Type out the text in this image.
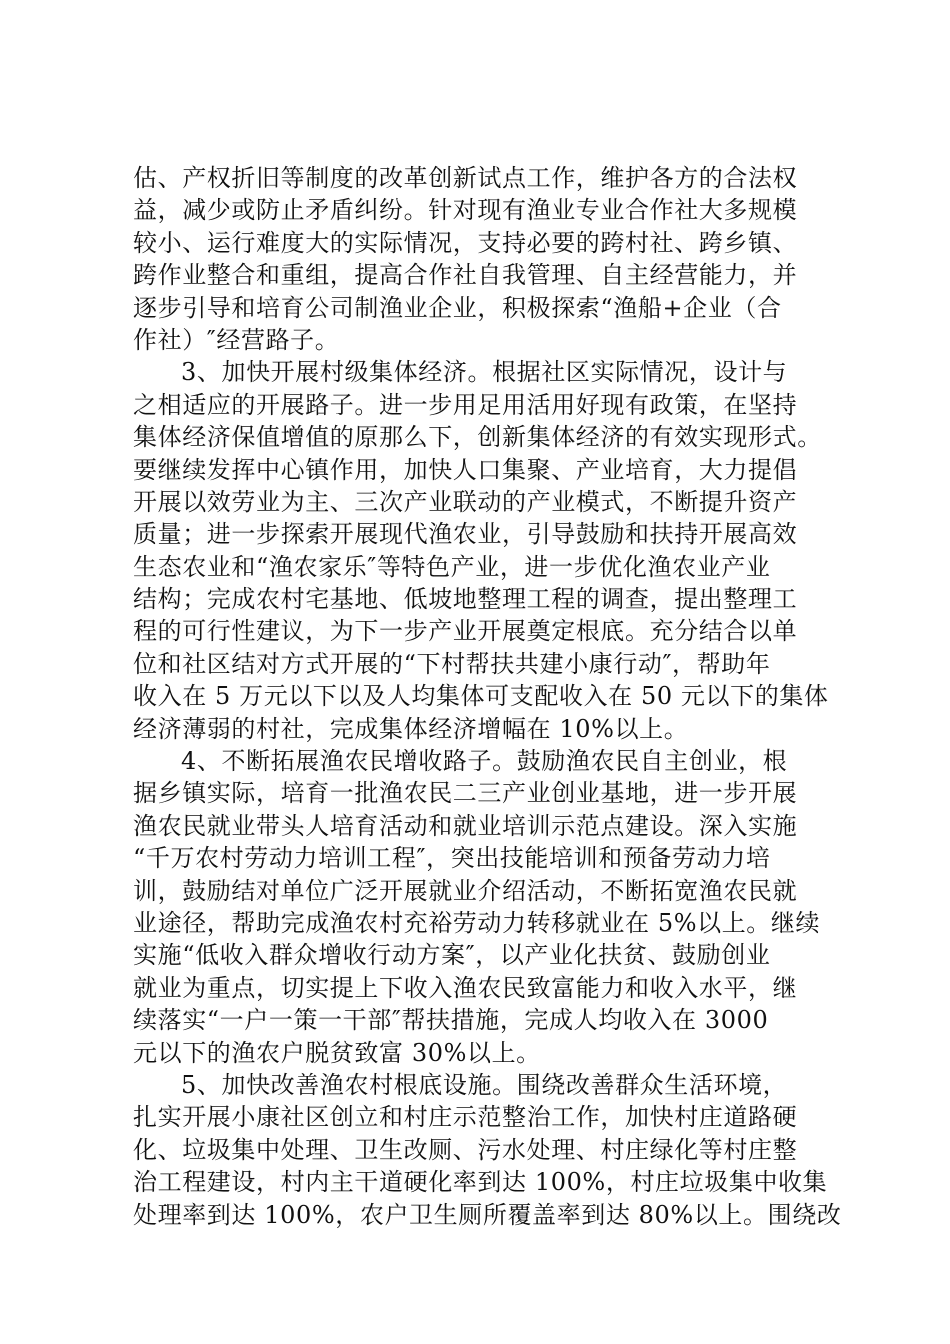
估、产权折旧等制度的改革创新试点工作，维护各方的合法权
益，减少或防止矛盾纠纷。针对现有渔业专业合作社大多规模
较小、运行难度大的实际情况，支持必要的跨村社、跨乡镇、
跨作业整合和重组，提高合作社自我管理、自主经营能力，并
逐步引导和培育公司制渔业企业，积极探索“渔船+企业（合
作社）″经营路子。
3、加快开展村级集体经济。根据社区实际情况，设计与
之相适应的开展路子。进一步用足用活用好现有政策，在坚持
集体经济保值增值的原那么下，创新集体经济的有效实现形式。
要继续发挥中心镇作用，加快人口集聚、产业培育，大力提倡
开展以效劳业为主、三次产业联动的产业模式，不断提升资产
质量；进一步探索开展现代渔农业，引导鼓励和扶持开展高效
生态农业和“渔农家乐″等特色产业，进一步优化渔农业产业
结构；完成农村宅基地、低坡地整理工程的调查，提出整理工
程的可行性建议，为下一步产业开展奠定根底。充分结合以单
位和社区结对方式开展的“下村帮扶共建小康行动″，帮助年
收入在 5 万元以下以及人均集体可支配收入在 50 元以下的集体
经济薄弱的村社，完成集体经济增幅在 10%以上。
4、不断拓展渔农民增收路子。鼓励渔农民自主创业，根
据乡镇实际，培育一批渔农民二三产业创业基地，进一步开展
渔农民就业带头人培育活动和就业培训示范点建设。深入实施
“千万农村劳动力培训工程″，突出技能培训和预备劳动力培
训，鼓励结对单位广泛开展就业介绍活动，不断拓宽渔农民就
业途径，帮助完成渔农村充裕劳动力转移就业在 5%以上。继续
实施“低收入群众增收行动方案″，以产业化扶贫、鼓励创业
就业为重点，切实提上下收入渔农民致富能力和收入水平，继
续落实“一户一策一干部″帮扶措施，完成人均收入在 3000
元以下的渔农户脱贫致富 30%以上。
5、加快改善渔农村根底设施。围绕改善群众生活环境，
扎实开展小康社区创立和村庄示范整治工作，加快村庄道路硬
化、垃圾集中处理、卫生改厕、污水处理、村庄绿化等村庄整
治工程建设，村内主干道硬化率到达 100%，村庄垃圾集中收集
处理率到达 100%，农户卫生厕所覆盖率到达 80%以上。围绕改
